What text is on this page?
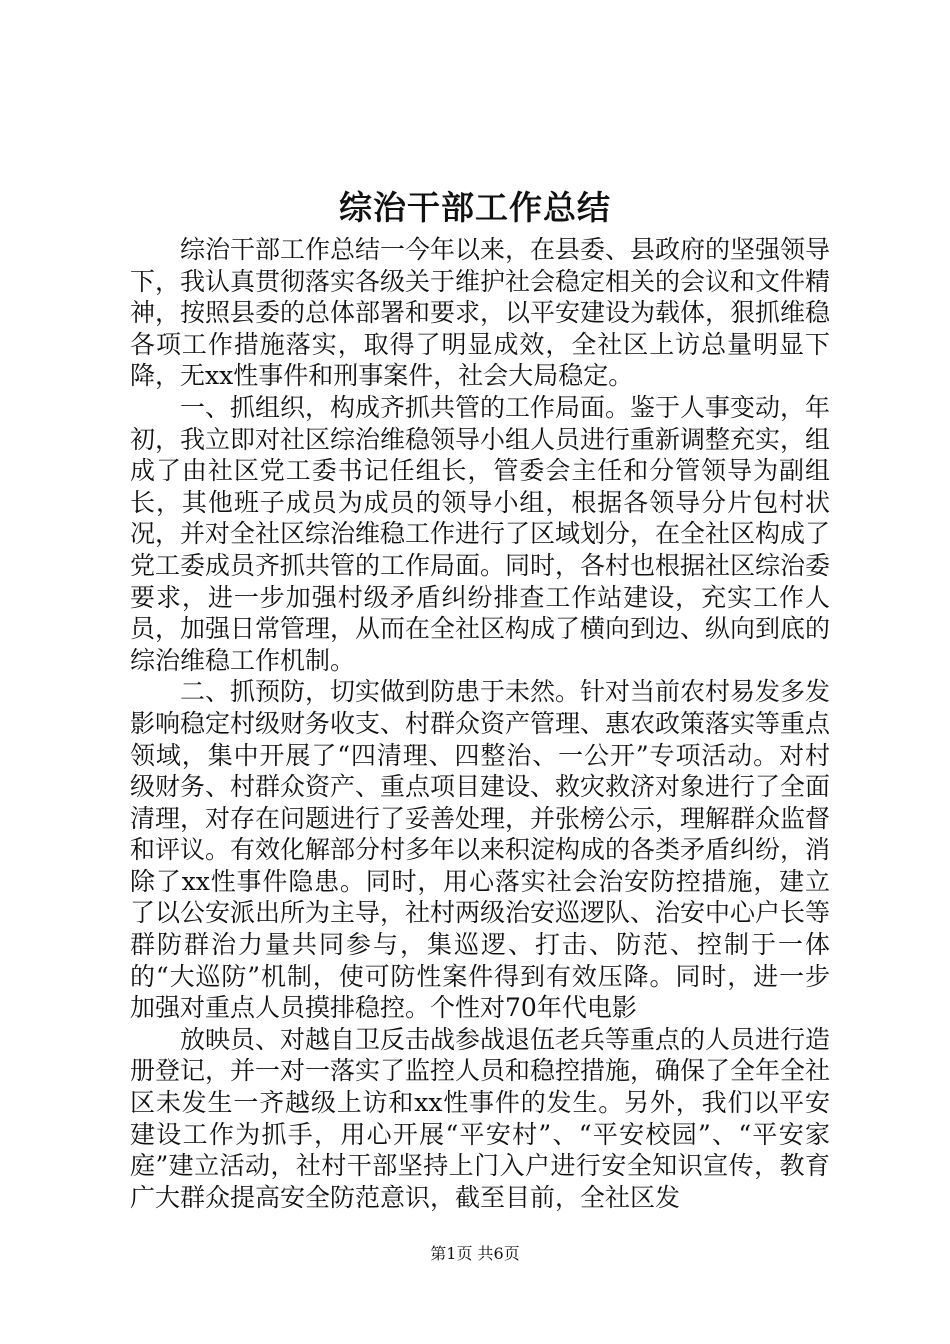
综治干部工作总结

综治干部工作总结一今年以来，在县委、县政府的坚强领导下，我认真贯彻落实各级关于维护社会稳定相关的会议和文件精神，按照县委的总体部署和要求，以平安建设为载体，狠抓维稳各项工作措施落实，取得了明显成效，全社区上访总量明显下降，无xx性事件和刑事案件，社会大局稳定。

一、抓组织，构成齐抓共管的工作局面。鉴于人事变动，年初，我立即对社区综治维稳领导小组人员进行重新调整充实，组成了由社区党工委书记任组长，管委会主任和分管领导为副组长，其他班子成员为成员的领导小组，根据各领导分片包村状况，并对全社区综治维稳工作进行了区域划分，在全社区构成了党工委成员齐抓共管的工作局面。同时，各村也根据社区综治委要求，进一步加强村级矛盾纠纷排查工作站建设，充实工作人员，加强日常管理，从而在全社区构成了横向到边、纵向到底的综治维稳工作机制。

二、抓预防，切实做到防患于未然。针对当前农村易发多发影响稳定村级财务收支、村群众资产管理、惠农政策落实等重点领域，集中开展了“四清理、四整治、一公开”专项活动。对村级财务、村群众资产、重点项目建设、救灾救济对象进行了全面清理，对存在问题进行了妥善处理，并张榜公示，理解群众监督和评议。有效化解部分村多年以来积淀构成的各类矛盾纠纷，消除了xx性事件隐患。同时，用心落实社会治安防控措施，建立了以公安派出所为主导，社村两级治安巡逻队、治安中心户长等群防群治力量共同参与，集巡逻、打击、防范、控制于一体的“大巡防”机制，使可防性案件得到有效压降。同时，进一步加强对重点人员摸排稳控。个性对70年代电影

放映员、对越自卫反击战参战退伍老兵等重点的人员进行造册登记，并一对一落实了监控人员和稳控措施，确保了全年全社区未发生一齐越级上访和xx性事件的发生。另外，我们以平安建设工作为抓手，用心开展“平安村”、“平安校园”、“平安家庭”建立活动，社村干部坚持上门入户进行安全知识宣传，教育广大群众提高安全防范意识，截至目前，全社区发

第1页 共6页
